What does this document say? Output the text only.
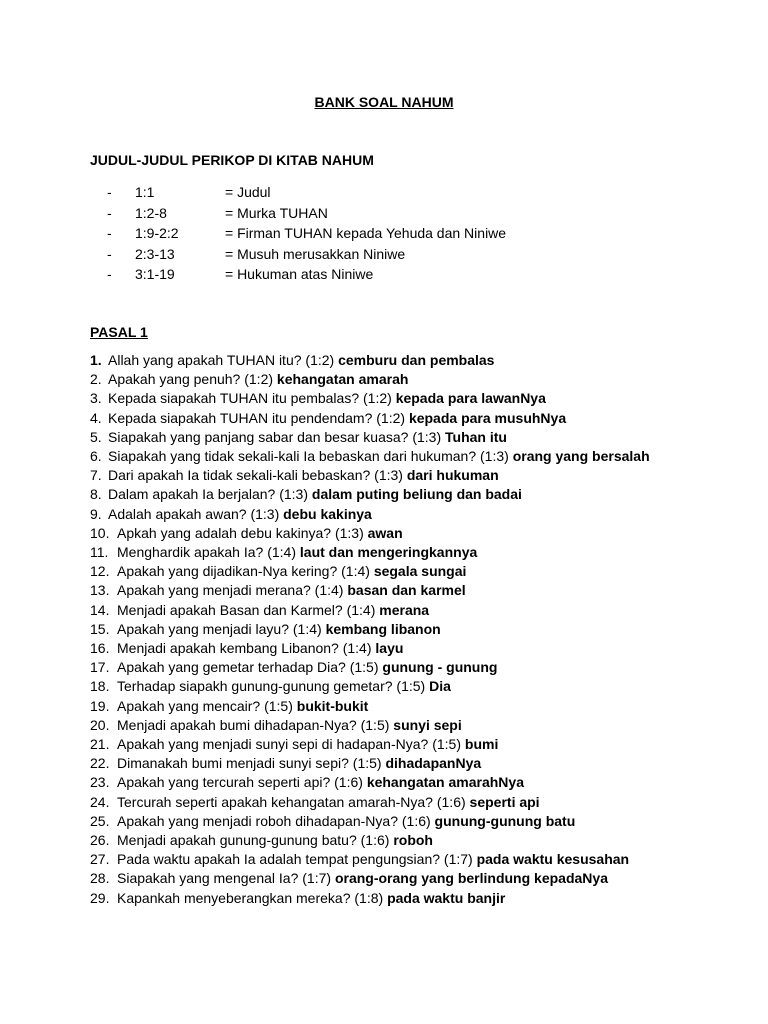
BANK SOAL NAHUM
JUDUL-JUDUL PERIKOP DI KITAB NAHUM
- 1:1	= Judul
- 1:2-8	= Murka TUHAN
- 1:9-2:2	= Firman TUHAN kepada Yehuda dan Niniwe
- 2:3-13	= Musuh merusakkan Niniwe
- 3:1-19	= Hukuman atas Niniwe
PASAL 1
1. Allah yang apakah TUHAN itu? (1:2) cemburu dan pembalas
2. Apakah yang penuh? (1:2) kehangatan amarah
3. Kepada siapakah TUHAN itu pembalas? (1:2) kepada para lawanNya
4. Kepada siapakah TUHAN itu pendendam? (1:2) kepada para musuhNya
5. Siapakah yang panjang sabar dan besar kuasa? (1:3) Tuhan itu
6. Siapakah yang tidak sekali-kali Ia bebaskan dari hukuman? (1:3) orang yang bersalah
7. Dari apakah Ia tidak sekali-kali bebaskan? (1:3) dari hukuman
8. Dalam apakah Ia berjalan? (1:3) dalam puting beliung dan badai
9. Adalah apakah awan? (1:3) debu kakinya
10. Apkah yang adalah debu kakinya? (1:3) awan
11. Menghardik apakah Ia? (1:4) laut dan mengeringkannya
12. Apakah yang dijadikan-Nya kering? (1:4) segala sungai
13. Apakah yang menjadi merana? (1:4) basan dan karmel
14. Menjadi apakah Basan dan Karmel? (1:4) merana
15. Apakah yang menjadi layu? (1:4) kembang libanon
16. Menjadi apakah kembang Libanon? (1:4) layu
17. Apakah yang gemetar terhadap Dia? (1:5) gunung - gunung
18. Terhadap siapakh gunung-gunung gemetar? (1:5) Dia
19. Apakah yang mencair? (1:5) bukit-bukit
20. Menjadi apakah bumi dihadapan-Nya? (1:5) sunyi sepi
21. Apakah yang menjadi sunyi sepi di hadapan-Nya? (1:5) bumi
22. Dimanakah bumi menjadi sunyi sepi? (1:5) dihadapanNya
23. Apakah yang tercurah seperti api? (1:6) kehangatan amarahNya
24. Tercurah seperti apakah kehangatan amarah-Nya? (1:6) seperti api
25. Apakah yang menjadi roboh dihadapan-Nya? (1:6) gunung-gunung batu
26. Menjadi apakah gunung-gunung batu? (1:6) roboh
27. Pada waktu apakah Ia adalah tempat pengungsian? (1:7) pada waktu kesusahan
28. Siapakah yang mengenal Ia? (1:7) orang-orang yang berlindung kepadaNya
29. Kapankah menyeberangkan mereka? (1:8) pada waktu banjir
